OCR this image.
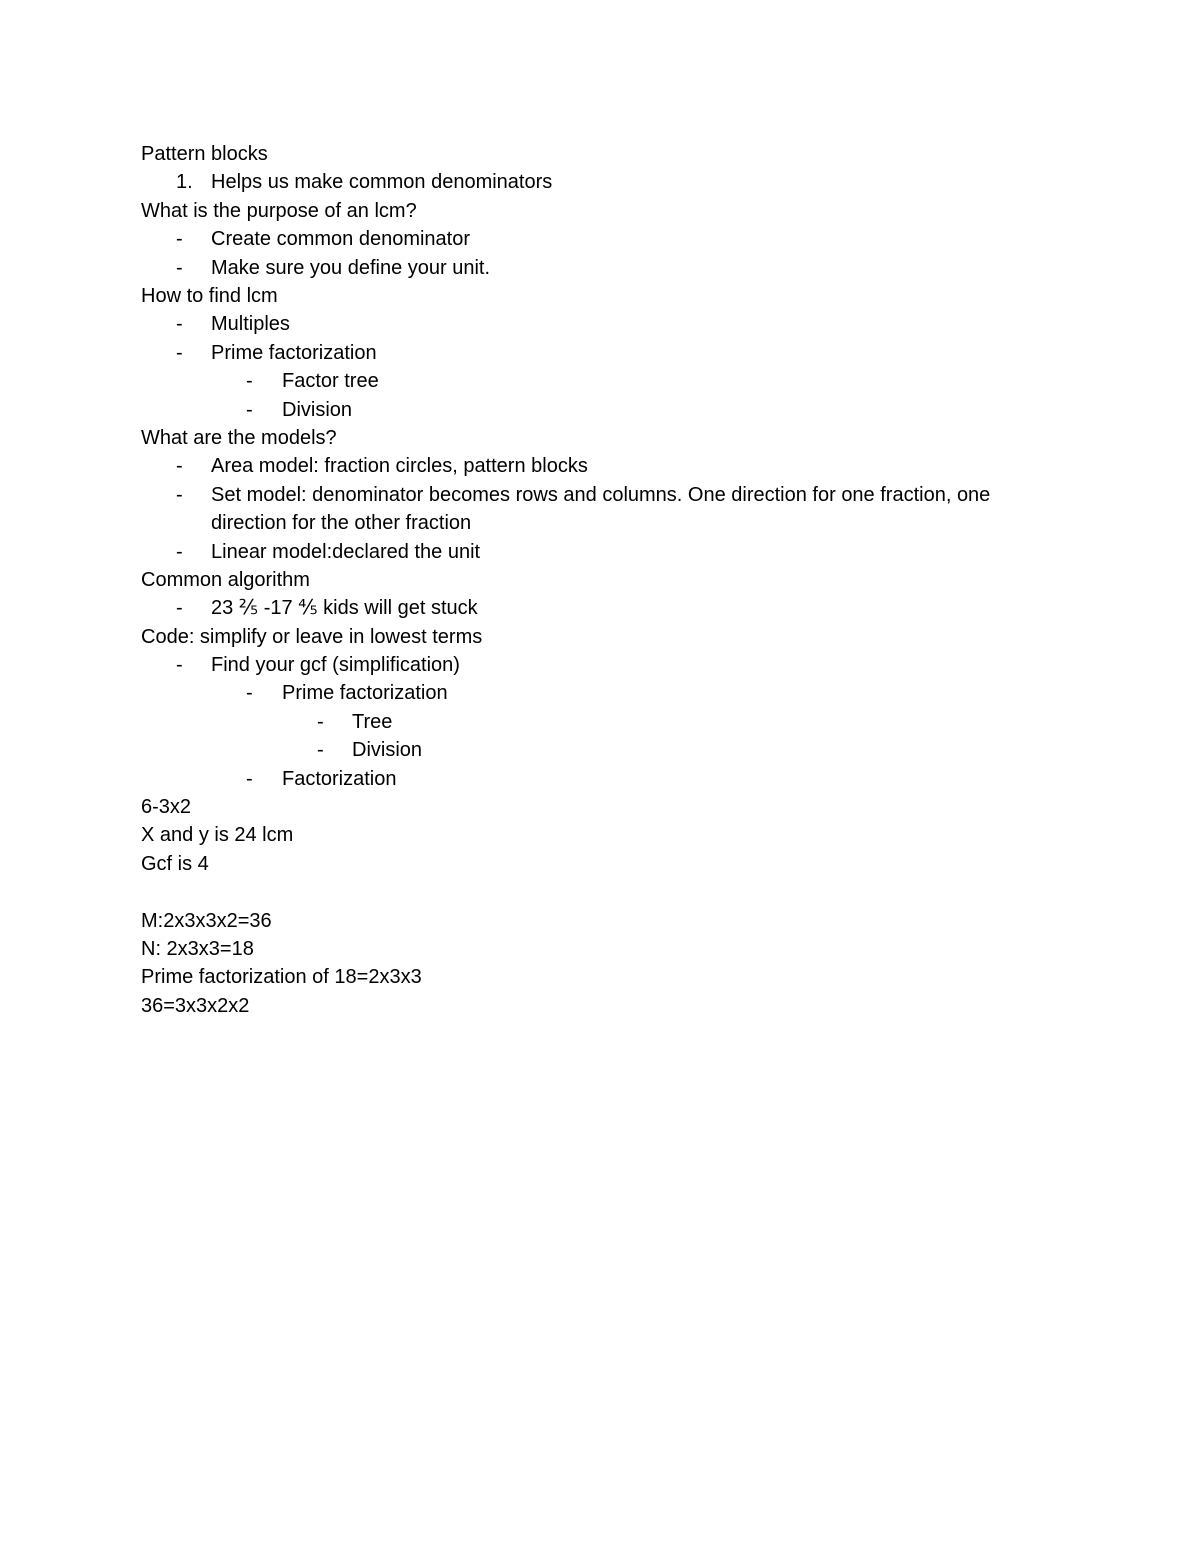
Pattern blocks
1. Helps us make common denominators
What is the purpose of an lcm?
- Create common denominator
- Make sure you define your unit.
How to find lcm
- Multiples
- Prime factorization
- Factor tree
- Division
What are the models?
- Area model: fraction circles, pattern blocks
- Set model: denominator becomes rows and columns. One direction for one fraction, one direction for the other fraction
- Linear model:declared the unit
Common algorithm
- 23 ⅖ -17 ⅘ kids will get stuck
Code: simplify or leave in lowest terms
- Find your gcf (simplification)
- Prime factorization
- Tree
- Division
- Factorization
6-3x2
X and y is 24 lcm
Gcf is 4
M:2x3x3x2=36
N: 2x3x3=18
Prime factorization of 18=2x3x3
36=3x3x2x2
